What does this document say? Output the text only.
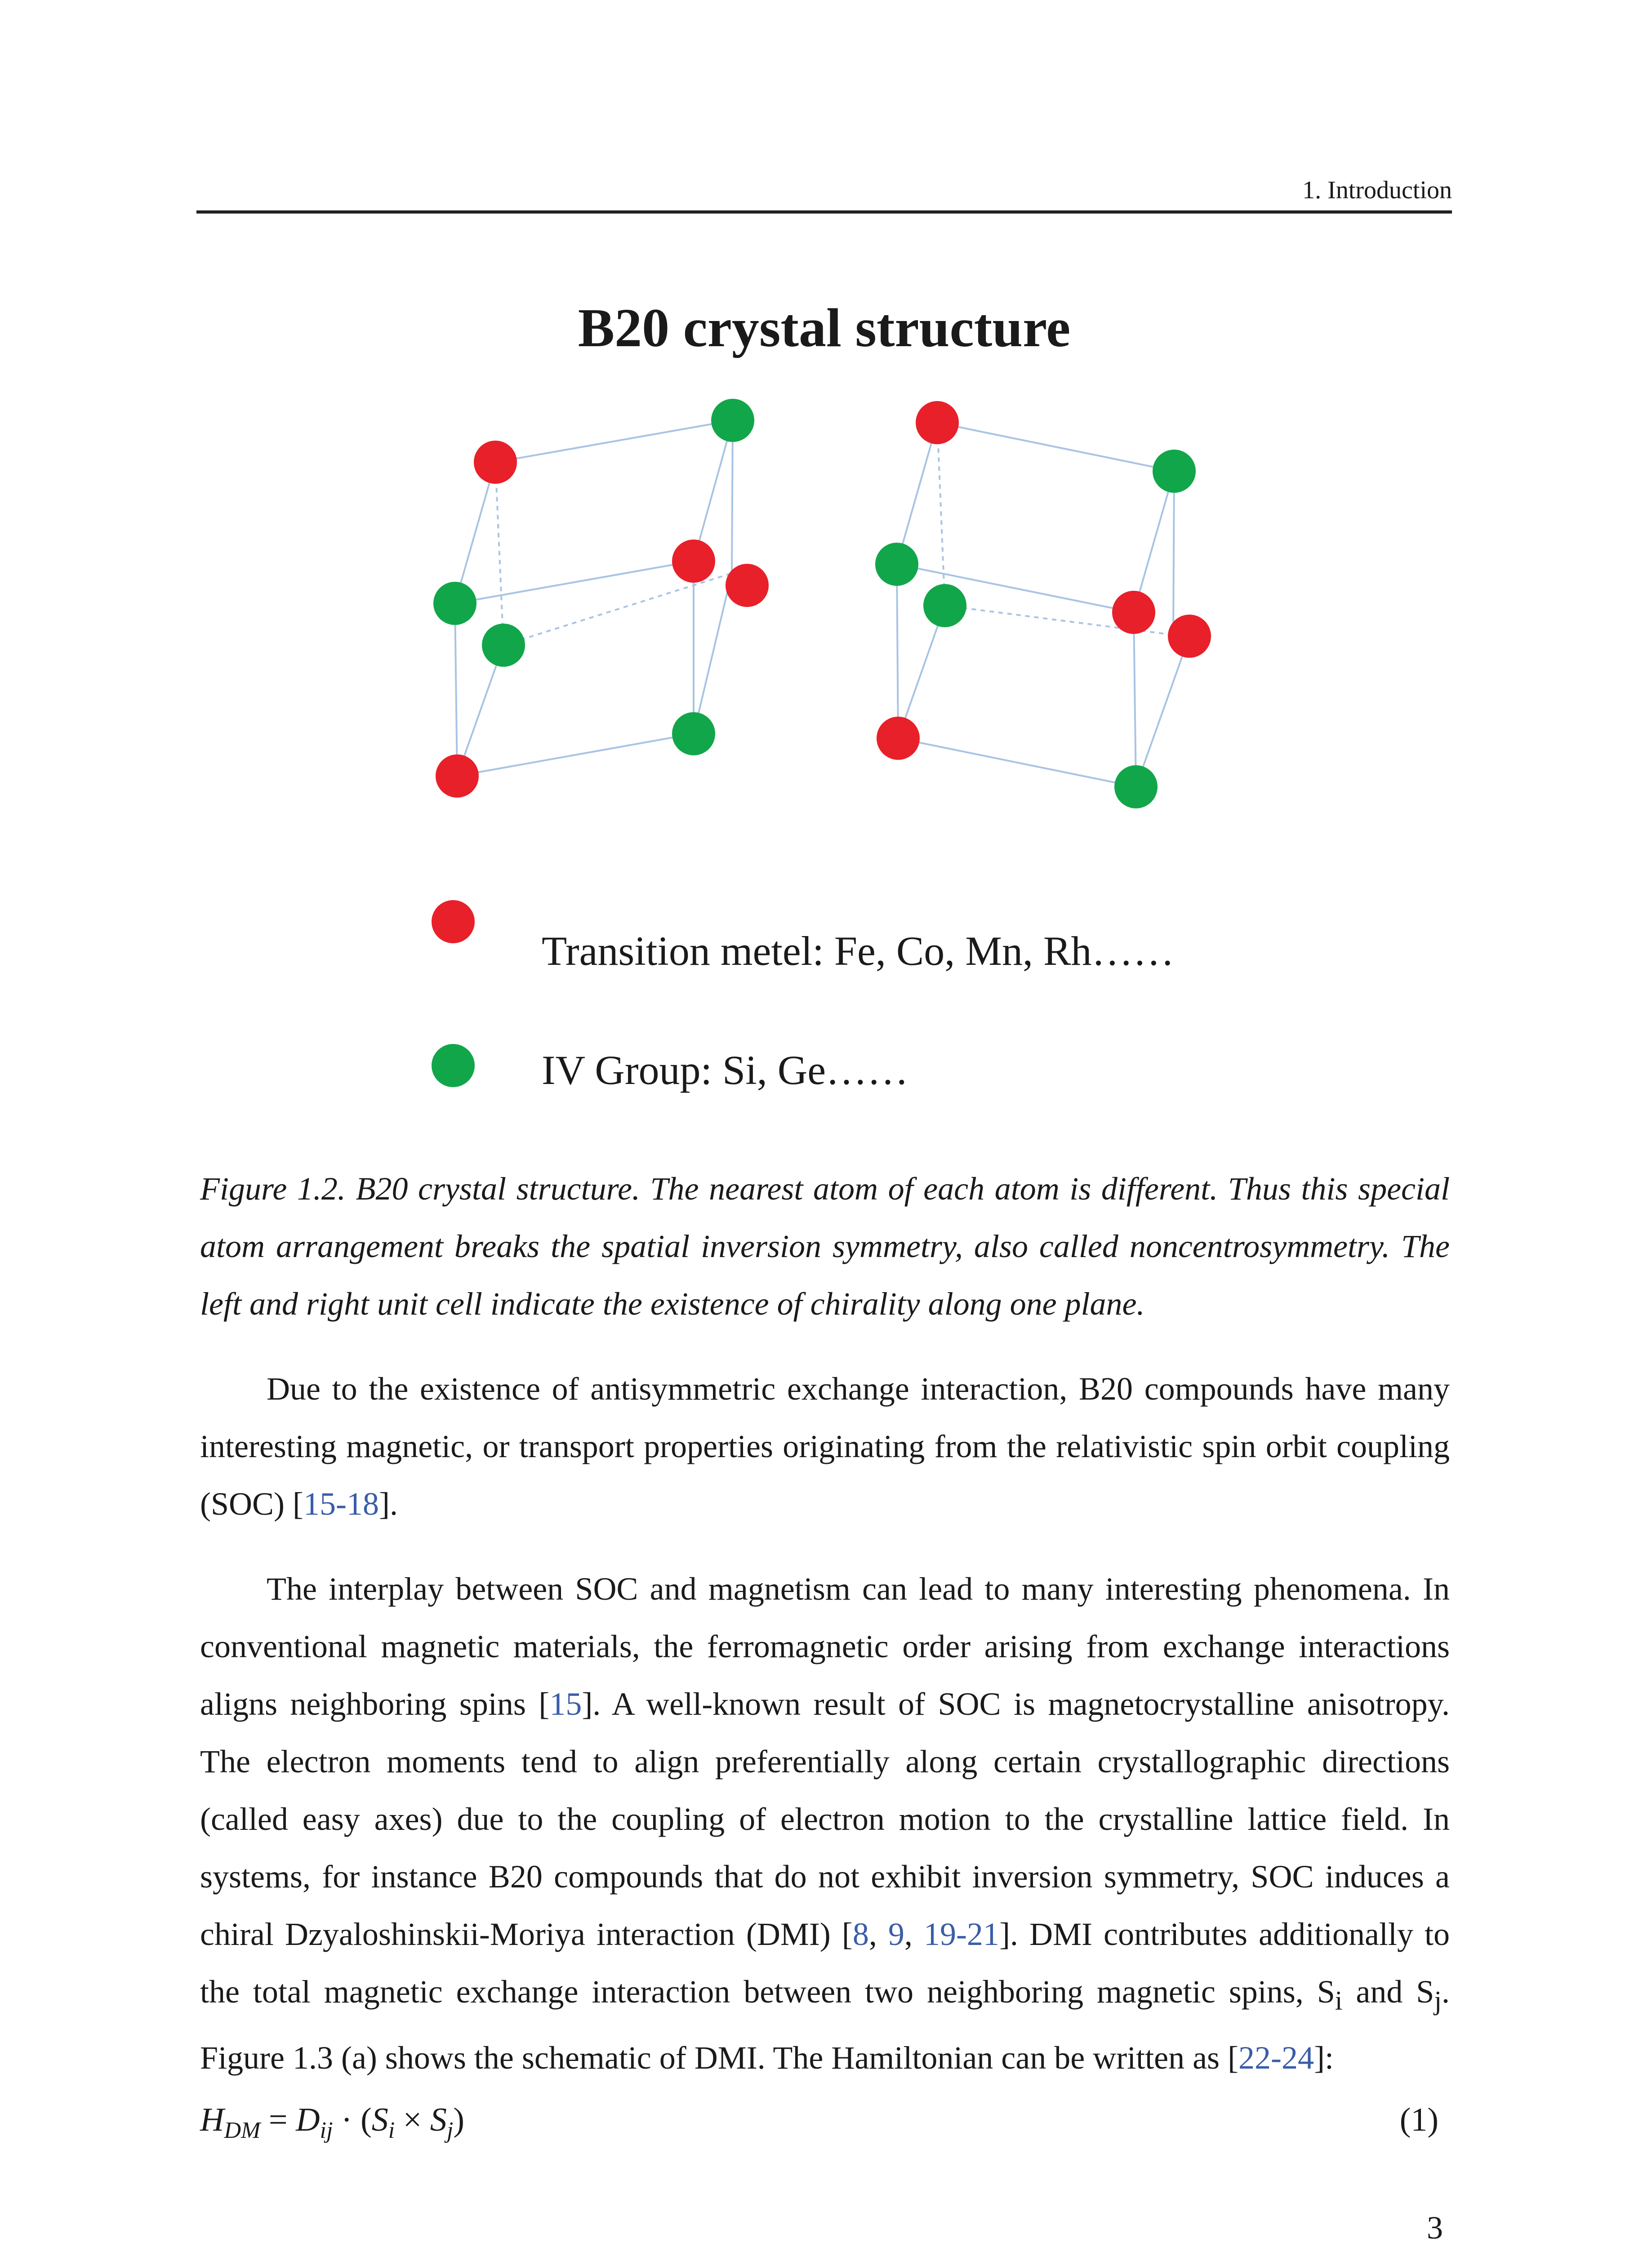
1. Introduction
B20 crystal structure
Transition metel: Fe, Co, Mn, Rh……
IV Group: Si, Ge……
Figure 1.2. B20 crystal structure. The nearest atom of each atom is different. Thus this special atom arrangement breaks the spatial inversion symmetry, also called noncentrosymmetry. The left and right unit cell indicate the existence of chirality along one plane.

Due to the existence of antisymmetric exchange interaction, B20 compounds have many interesting magnetic, or transport properties originating from the relativistic spin orbit coupling (SOC) [15-18].

The interplay between SOC and magnetism can lead to many interesting phenomena. In conventional magnetic materials, the ferromagnetic order arising from exchange interactions aligns neighboring spins [15]. A well-known result of SOC is magnetocrystalline anisotropy. The electron moments tend to align preferentially along certain crystallographic directions (called easy axes) due to the coupling of electron motion to the crystalline lattice field. In systems, for instance B20 compounds that do not exhibit inversion symmetry, SOC induces a chiral Dzyaloshinskii-Moriya interaction (DMI) [8, 9, 19-21]. DMI contributes additionally to the total magnetic exchange interaction between two neighboring magnetic spins, $S_i$ and $S_j$. Figure 1.3 (a) shows the schematic of DMI. The Hamiltonian can be written as [22-24]:

$H_{DM} = D_{ij} \cdot (S_i \times S_j)$	(1)
3
